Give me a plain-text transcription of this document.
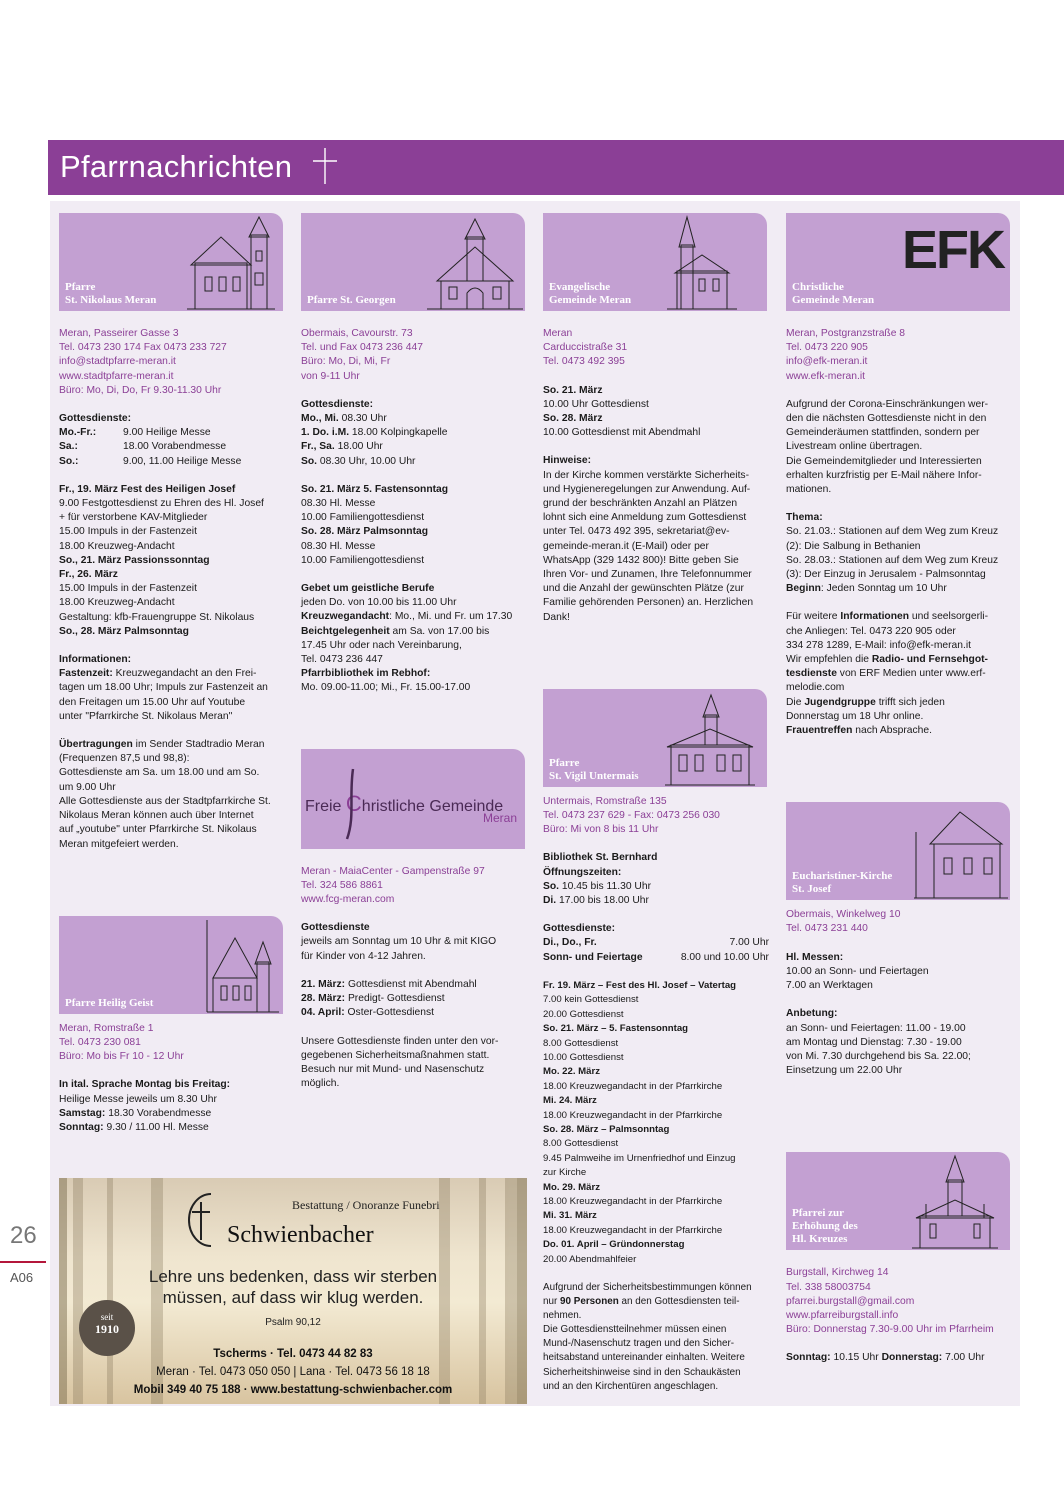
Pfarrnachrichten
26
A06
Pfarre
St. Nikolaus Meran
Meran, Passeirer Gasse 3
Tel. 0473 230 174 Fax 0473 233 727
info@stadtpfarre-meran.it
www.stadtpfarre-meran.it
Büro: Mo, Di, Do, Fr 9.30-11.30 Uhr
Gottesdienste:
Mo.-Fr.:	9.00 Heilige Messe
Sa.:	18.00 Vorabendmesse
So.:	9.00, 11.00 Heilige Messe
Fr., 19. März Fest des Heiligen Josef
9.00 Festgottesdienst zu Ehren des Hl. Josef
+ für verstorbene KAV-Mitglieder
15.00 Impuls in der Fastenzeit
18.00 Kreuzweg-Andacht
So., 21. März Passionssonntag
Fr., 26. März
15.00 Impuls in der Fastenzeit
18.00 Kreuzweg-Andacht
Gestaltung: kfb-Frauengruppe St. Nikolaus
So., 28. März Palmsonntag
Informationen:
Fastenzeit: Kreuzwegandacht an den Frei-
tagen um 18.00 Uhr; Impuls zur Fastenzeit an
den Freitagen um 15.00 Uhr auf Youtube
unter "Pfarrkirche St. Nikolaus Meran"
Übertragungen im Sender Stadtradio Meran
(Frequenzen 87,5 und 98,8):
Gottesdienste am Sa. um 18.00 und am So.
um 9.00 Uhr
Alle Gottesdienste aus der Stadtpfarrkirche St.
Nikolaus Meran können auch über Internet
auf „youtube" unter Pfarrkirche St. Nikolaus
Meran mitgefeiert werden.
Pfarre Heilig Geist
Meran, Romstraße 1
Tel. 0473 230 081
Büro: Mo bis Fr 10 - 12 Uhr
In ital. Sprache Montag bis Freitag:
Heilige Messe jeweils um 8.30 Uhr
Samstag: 18.30 Vorabendmesse
Sonntag: 9.30 / 11.00 Hl. Messe
Bestattung / Onoranze Funebri
Schwienbacher
Lehre uns bedenken, dass wir sterben
müssen, auf dass wir klug werden.
Psalm 90,12
seit
1910
Tscherms · Tel. 0473 44 82 83
Meran · Tel. 0473 050 050 | Lana · Tel. 0473 56 18 18
Mobil 349 40 75 188 · www.bestattung-schwienbacher.com
Pfarre St. Georgen
Obermais, Cavourstr. 73
Tel. und Fax 0473 236 447
Büro: Mo, Di, Mi, Fr
von 9-11 Uhr
Gottesdienste:
Mo., Mi. 08.30 Uhr
1. Do. i.M. 18.00 Kolpingkapelle
Fr., Sa. 18.00 Uhr
So. 08.30 Uhr, 10.00 Uhr
So. 21. März 5. Fastensonntag
08.30 Hl. Messe
10.00 Familiengottesdienst
So. 28. März Palmsonntag
08.30 Hl. Messe
10.00 Familiengottesdienst
Gebet um geistliche Berufe
jeden Do. von 10.00 bis 11.00 Uhr
Kreuzwegandacht: Mo., Mi. und Fr. um 17.30
Beichtgelegenheit am Sa. von 17.00 bis
17.45 Uhr oder nach Vereinbarung,
Tel. 0473 236 447
Pfarrbibliothek im Rebhof:
Mo. 09.00-11.00; Mi., Fr. 15.00-17.00
Freie Christliche Gemeinde
Meran
Meran - MaiaCenter - Gampenstraße 97
Tel. 324 586 8861
www.fcg-meran.com
Gottesdienste
jeweils am Sonntag um 10 Uhr & mit KIGO
für Kinder von 4-12 Jahren.
21. März: Gottesdienst mit Abendmahl
28. März: Predigt- Gottesdienst
04. April: Oster-Gottesdienst
Unsere Gottesdienste finden unter den vor-
gegebenen Sicherheitsmaßnahmen statt.
Besuch nur mit Mund- und Nasenschutz
möglich.
Evangelische
Gemeinde Meran
Meran
Carduccistraße 31
Tel. 0473 492 395
So. 21. März
10.00 Uhr Gottesdienst
So. 28. März
10.00 Gottesdienst mit Abendmahl
Hinweise:
In der Kirche kommen verstärkte Sicherheits-
und Hygieneregelungen zur Anwendung. Auf-
grund der beschränkten Anzahl an Plätzen
lohnt sich eine Anmeldung zum Gottesdienst
unter Tel. 0473 492 395, sekretariat@ev-
gemeinde-meran.it (E-Mail) oder per
WhatsApp (329 1432 800)! Bitte geben Sie
Ihren Vor- und Zunamen, Ihre Telefonnummer
und die Anzahl der gewünschten Plätze (zur
Familie gehörenden Personen) an. Herzlichen
Dank!
Pfarre
St. Vigil Untermais
Untermais, Romstraße 135
Tel. 0473 237 629 - Fax: 0473 256 030
Büro: Mi von 8 bis 11 Uhr
Bibliothek St. Bernhard
Öffnungszeiten:
So. 10.45 bis 11.30 Uhr
Di. 17.00 bis 18.00 Uhr
Gottesdienste:
Di., Do., Fr.	7.00 Uhr
Sonn- und Feiertage	8.00 und 10.00 Uhr
Fr. 19. März – Fest des Hl. Josef – Vatertag
7.00 kein Gottesdienst
20.00 Gottesdienst
So. 21. März – 5. Fastensonntag
8.00 Gottesdienst
10.00 Gottesdienst
Mo. 22. März
18.00 Kreuzwegandacht in der Pfarrkirche
Mi. 24. März
18.00 Kreuzwegandacht in der Pfarrkirche
So. 28. März – Palmsonntag
8.00 Gottesdienst
9.45 Palmweihe im Urnenfriedhof und Einzug
zur Kirche
Mo. 29. März
18.00 Kreuzwegandacht in der Pfarrkirche
Mi. 31. März
18.00 Kreuzwegandacht in der Pfarrkirche
Do. 01. April – Gründonnerstag
20.00 Abendmahlfeier
Aufgrund der Sicherheitsbestimmungen können
nur 90 Personen an den Gottesdiensten teil-
nehmen.
Die Gottesdienstteilnehmer müssen einen
Mund-/Nasenschutz tragen und den Sicher-
heitsabstand untereinander einhalten. Weitere
Sicherheitshinweise sind in den Schaukästen
und an den Kirchentüren angeschlagen.
EFK
Christliche
Gemeinde Meran
Meran, Postgranzstraße 8
Tel. 0473 220 905
info@efk-meran.it
www.efk-meran.it
Aufgrund der Corona-Einschränkungen wer-
den die nächsten Gottesdienste nicht in den
Gemeinderäumen stattfinden, sondern per
Livestream online übertragen.
Die Gemeindemitglieder und Interessierten
erhalten kurzfristig per E-Mail nähere Infor-
mationen.
Thema:
So. 21.03.: Stationen auf dem Weg zum Kreuz
(2): Die Salbung in Bethanien
So. 28.03.: Stationen auf dem Weg zum Kreuz
(3): Der Einzug in Jerusalem - Palmsonntag
Beginn: Jeden Sonntag um 10 Uhr
Für weitere Informationen und seelsorgerli-
che Anliegen: Tel. 0473 220 905 oder
334 278 1289, E-Mail: info@efk-meran.it
Wir empfehlen die Radio- und Fernsehgot-
tesdienste von ERF Medien unter www.erf-
melodie.com
Die Jugendgruppe trifft sich jeden
Donnerstag um 18 Uhr online.
Frauentreffen nach Absprache.
Eucharistiner-Kirche
St. Josef
Obermais, Winkelweg 10
Tel. 0473 231 440
Hl. Messen:
10.00 an Sonn- und Feiertagen
7.00 an Werktagen
Anbetung:
an Sonn- und Feiertagen: 11.00 - 19.00
am Montag und Dienstag: 7.30 - 19.00
von Mi. 7.30 durchgehend bis Sa. 22.00;
Einsetzung um 22.00 Uhr
Pfarrei zur
Erhöhung des
Hl. Kreuzes
Burgstall, Kirchweg 14
Tel. 338 58003754
pfarrei.burgstall@gmail.com
www.pfarreiburgstall.info
Büro: Donnerstag 7.30-9.00 Uhr im Pfarrheim
Sonntag: 10.15 Uhr Donnerstag: 7.00 Uhr
